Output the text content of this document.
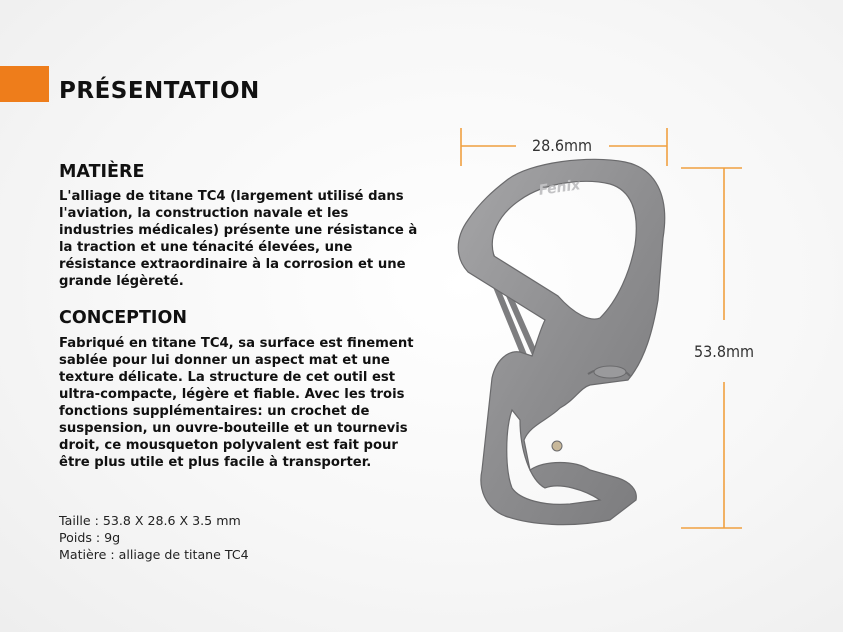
PRÉSENTATION
MATIÈRE
L'alliage de titane TC4 (largement utilisé dans l'aviation, la construction navale et les industries médicales) présente une résistance à la traction et une ténacité élevées, une résistance extraordinaire à la corrosion et une grande légèreté.
CONCEPTION
Fabriqué en titane TC4, sa surface est finement sablée pour lui donner un aspect mat et une texture délicate. La structure de cet outil est ultra-compacte, légère et fiable. Avec les trois fonctions supplémentaires: un crochet de suspension, un ouvre-bouteille et un tournevis droit, ce mousqueton polyvalent est fait pour être plus utile et plus facile à transporter.
Taille : 53.8 X 28.6 X 3.5 mm
Poids : 9g
Matière : alliage de titane TC4
28.6mm
53.8mm
Fenix
